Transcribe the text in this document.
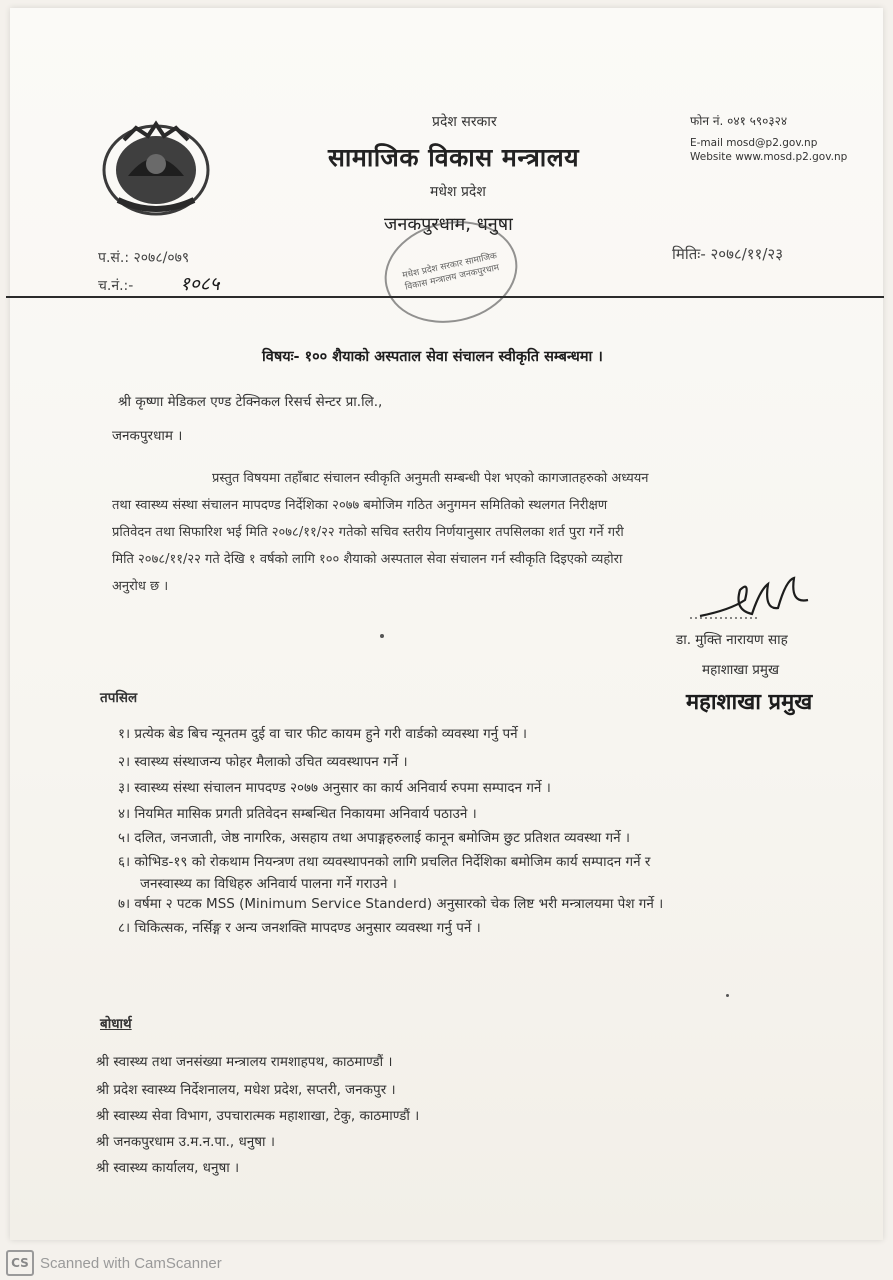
प्रदेश सरकार
सामाजिक विकास मन्त्रालय
मधेश प्रदेश
जनकपुरधाम, धनुषा
फोन नं. ०४१ ५९०३२४
E-mail mosd@p2.gov.np
Website www.mosd.p2.gov.np
प.सं.: २०७८/०७९
च.नं.:- १०८५
मितिः- २०७८/११/२३
मधेश प्रदेश सरकार सामाजिक विकास मन्त्रालय जनकपुरधाम
विषयः- १०० शैयाको अस्पताल सेवा संचालन स्वीकृति सम्बन्धमा ।
श्री कृष्णा मेडिकल एण्ड टेक्निकल रिसर्च सेन्टर प्रा.लि.,
जनकपुरधाम ।
प्रस्तुत विषयमा तहाँबाट संचालन स्वीकृति अनुमती सम्बन्धी पेश भएको कागजातहरुको अध्ययन
तथा स्वास्थ्य संस्था संचालन मापदण्ड निर्देशिका २०७७ बमोजिम गठित अनुगमन समितिको स्थलगत निरीक्षण
प्रतिवेदन तथा सिफारिश भई मिति २०७८/११/२२ गतेको सचिव स्तरीय निर्णयानुसार तपसिलका शर्त पुरा गर्ने गरी
मिति २०७८/११/२२ गते देखि १ वर्षको लागि १०० शैयाको अस्पताल सेवा संचालन गर्न स्वीकृति दिइएको व्यहोरा
अनुरोध छ ।
डा. मुक्ति नारायण साह
महाशाखा प्रमुख
महाशाखा प्रमुख
तपसिल
१। प्रत्येक बेड बिच न्यूनतम दुई वा चार फीट कायम हुने गरी वार्डको व्यवस्था गर्नु पर्ने ।
२। स्वास्थ्य संस्थाजन्य फोहर मैलाको उचित व्यवस्थापन गर्ने ।
३। स्वास्थ्य संस्था संचालन मापदण्ड २०७७ अनुसार का कार्य अनिवार्य रुपमा सम्पादन गर्ने ।
४। नियमित मासिक प्रगती प्रतिवेदन सम्बन्धित निकायमा अनिवार्य पठाउने ।
५। दलित, जनजाती, जेष्ठ नागरिक, असहाय तथा अपाङ्गहरुलाई कानून बमोजिम छुट प्रतिशत व्यवस्था गर्ने ।
६। कोभिड-१९ को रोकथाम नियन्त्रण तथा व्यवस्थापनको लागि प्रचलित निर्देशिका बमोजिम कार्य सम्पादन गर्ने र
जनस्वास्थ्य का विधिहरु अनिवार्य पालना गर्ने गराउने ।
७। वर्षमा २ पटक MSS (Minimum Service Standerd) अनुसारको चेक लिष्ट भरी मन्त्रालयमा पेश गर्ने ।
८। चिकित्सक, नर्सिङ्ग र अन्य जनशक्ति मापदण्ड अनुसार व्यवस्था गर्नु पर्ने ।
बोधार्थ
श्री स्वास्थ्य तथा जनसंख्या मन्त्रालय रामशाहपथ, काठमाण्डौं ।
श्री प्रदेश स्वास्थ्य निर्देशनालय, मधेश प्रदेश, सप्तरी, जनकपुर ।
श्री स्वास्थ्य सेवा विभाग, उपचारात्मक महाशाखा, टेकु, काठमाण्डौं ।
श्री जनकपुरधाम उ.म.न.पा., धनुषा ।
श्री स्वास्थ्य कार्यालय, धनुषा ।
CS Scanned with CamScanner
